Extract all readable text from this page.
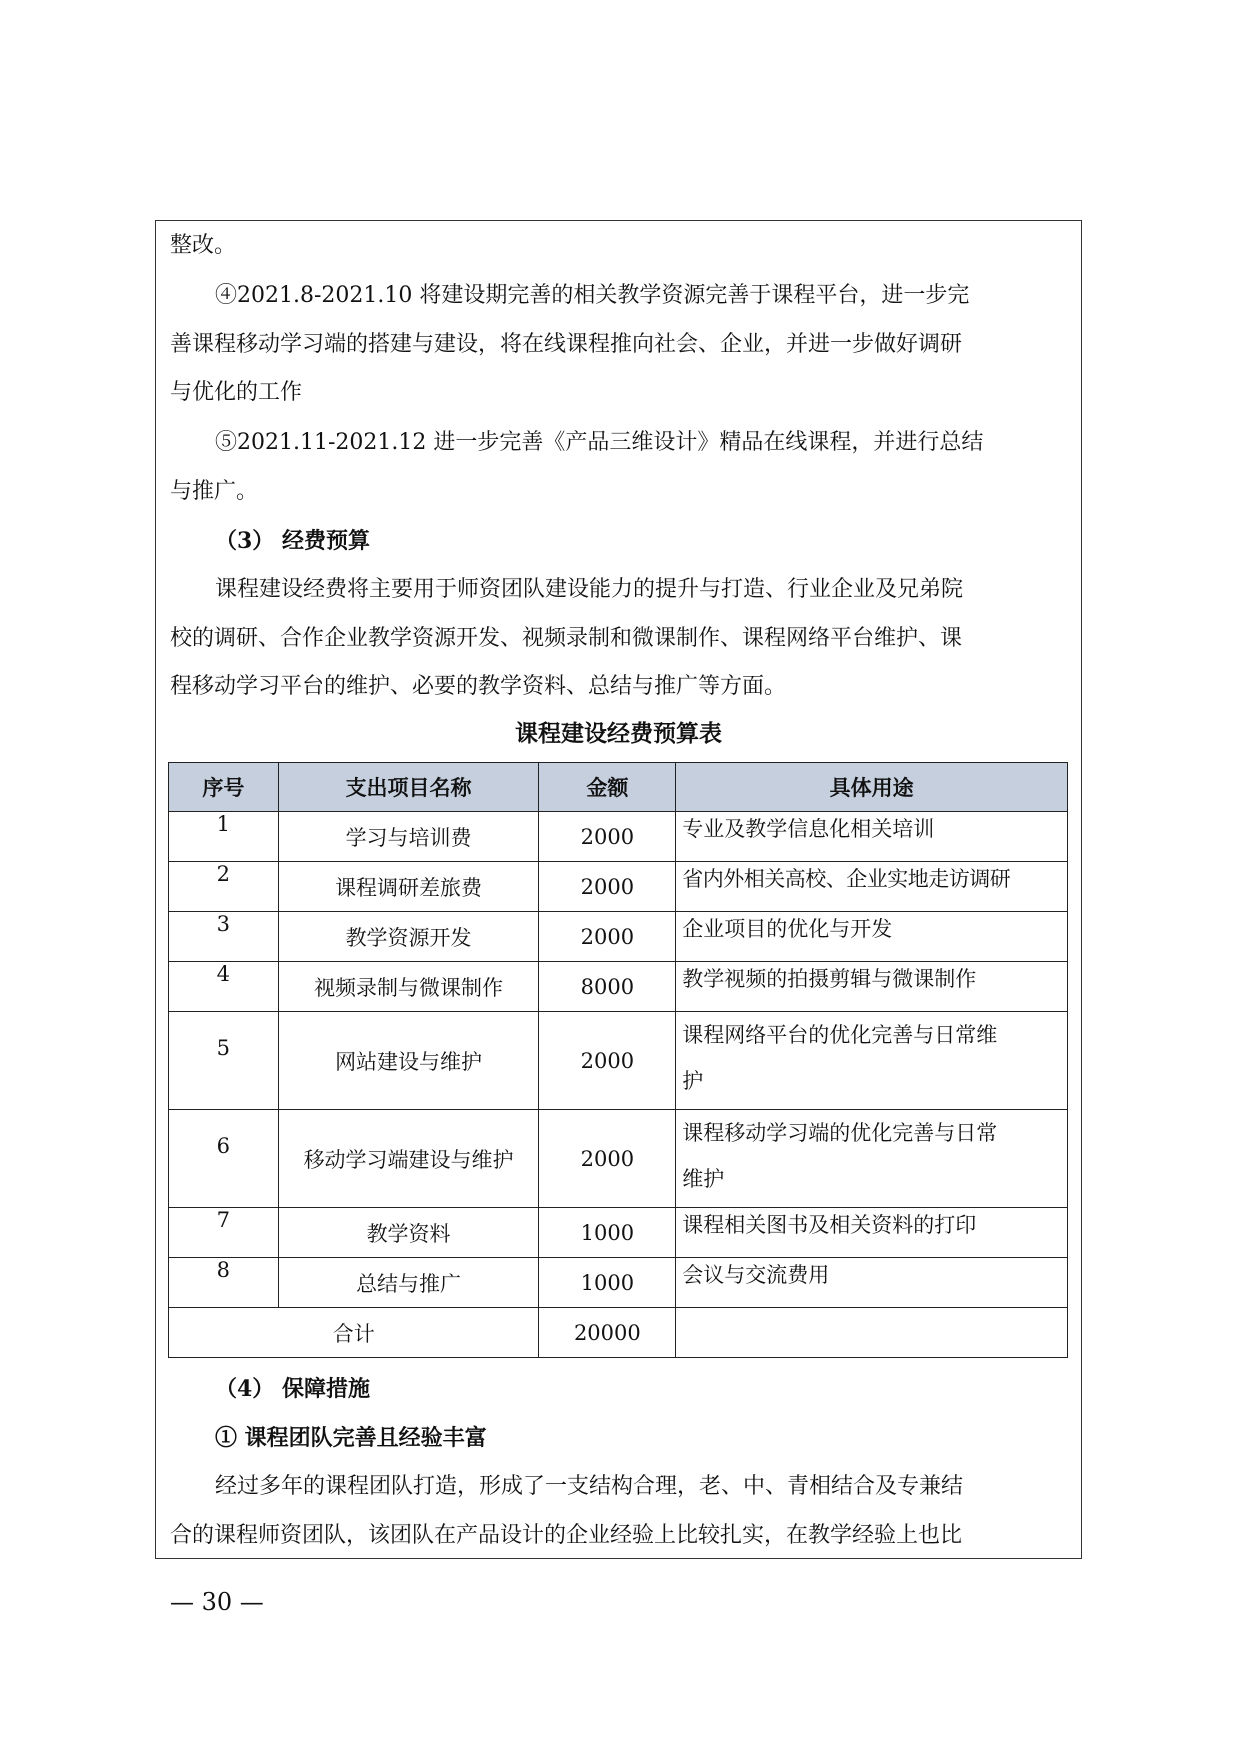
整改。
④2021.8-2021.10 将建设期完善的相关教学资源完善于课程平台，进一步完
善课程移动学习端的搭建与建设，将在线课程推向社会、企业，并进一步做好调研
与优化的工作
⑤2021.11-2021.12 进一步完善《产品三维设计》精品在线课程，并进行总结
与推广。
（3） 经费预算
课程建设经费将主要用于师资团队建设能力的提升与打造、行业企业及兄弟院
校的调研、合作企业教学资源开发、视频录制和微课制作、课程网络平台维护、课
程移动学习平台的维护、必要的教学资料、总结与推广等方面。
课程建设经费预算表
序号	支出项目名称	金额	具体用途
1	学习与培训费	2000	专业及教学信息化相关培训
2	课程调研差旅费	2000	省内外相关高校、企业实地走访调研
3	教学资源开发	2000	企业项目的优化与开发
4	视频录制与微课制作	8000	教学视频的拍摄剪辑与微课制作
5	网站建设与维护	2000	课程网络平台的优化完善与日常维
护
6	移动学习端建设与维护	2000	课程移动学习端的优化完善与日常
维护
7	教学资料	1000	课程相关图书及相关资料的打印
8	总结与推广	1000	会议与交流费用
合计		20000	
（4） 保障措施
① 课程团队完善且经验丰富
经过多年的课程团队打造，形成了一支结构合理，老、中、青相结合及专兼结
合的课程师资团队，该团队在产品设计的企业经验上比较扎实，在教学经验上也比
— 30 —
